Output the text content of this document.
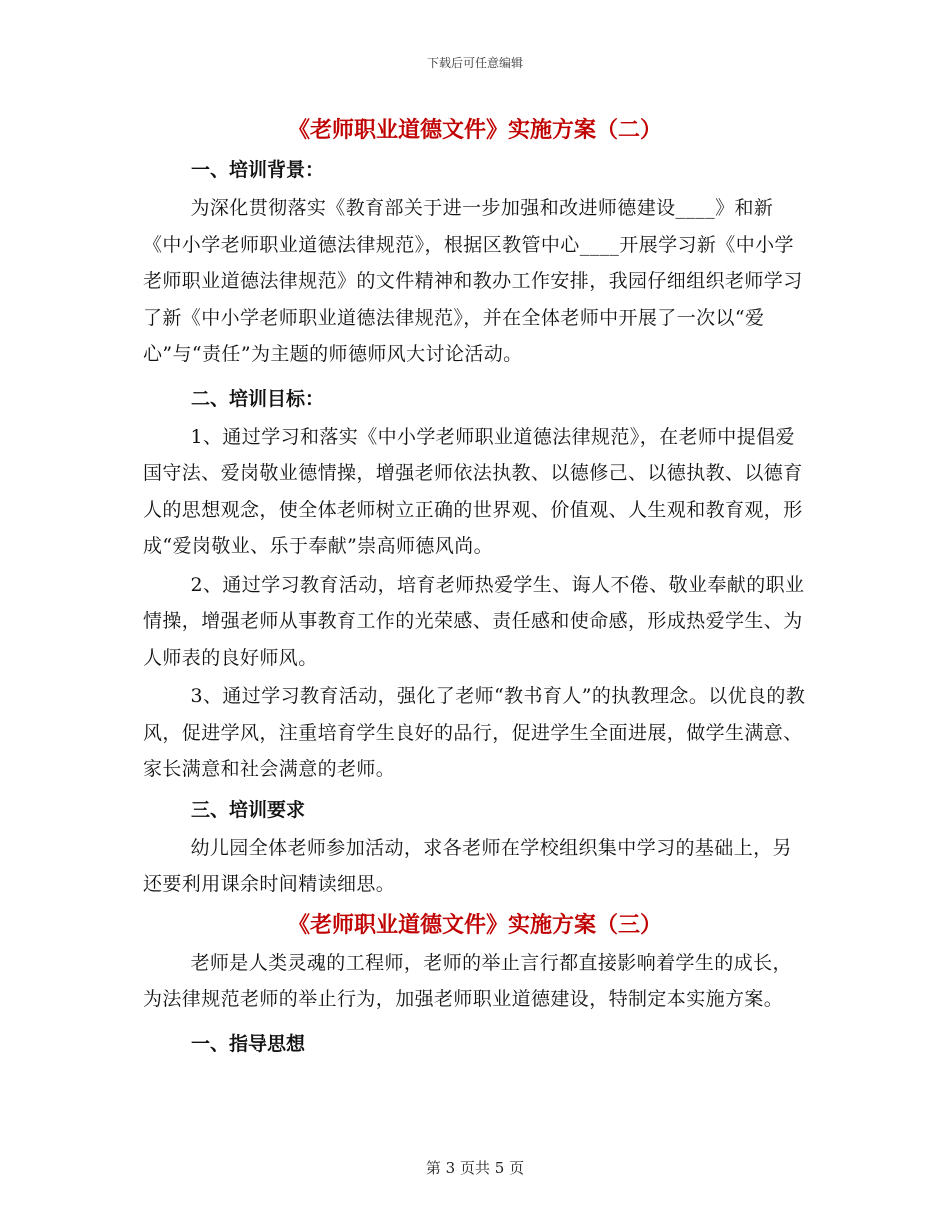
下载后可任意编辑
《老师职业道德文件》实施方案（二）
一、培训背景：

为深化贯彻落实《教育部关于进一步加强和改进师德建设____》和新《中小学老师职业道德法律规范》，根据区教管中心____开展学习新《中小学老师职业道德法律规范》的文件精神和教办工作安排，我园仔细组织老师学习了新《中小学老师职业道德法律规范》，并在全体老师中开展了一次以“爱心”与“责任”为主题的师德师风大讨论活动。

二、培训目标：

1、通过学习和落实《中小学老师职业道德法律规范》，在老师中提倡爱国守法、爱岗敬业德情操，增强老师依法执教、以德修己、以德执教、以德育人的思想观念，使全体老师树立正确的世界观、价值观、人生观和教育观，形成“爱岗敬业、乐于奉献”崇高师德风尚。

2、通过学习教育活动，培育老师热爱学生、诲人不倦、敬业奉献的职业情操，增强老师从事教育工作的光荣感、责任感和使命感，形成热爱学生、为人师表的良好师风。

3、通过学习教育活动，强化了老师“教书育人”的执教理念。以优良的教风，促进学风，注重培育学生良好的品行，促进学生全面进展，做学生满意、家长满意和社会满意的老师。

三、培训要求

幼儿园全体老师参加活动，求各老师在学校组织集中学习的基础上，另还要利用课余时间精读细思。

《老师职业道德文件》实施方案（三）

老师是人类灵魂的工程师，老师的举止言行都直接影响着学生的成长，为法律规范老师的举止行为，加强老师职业道德建设，特制定本实施方案。

一、指导思想
第 3 页共 5 页
